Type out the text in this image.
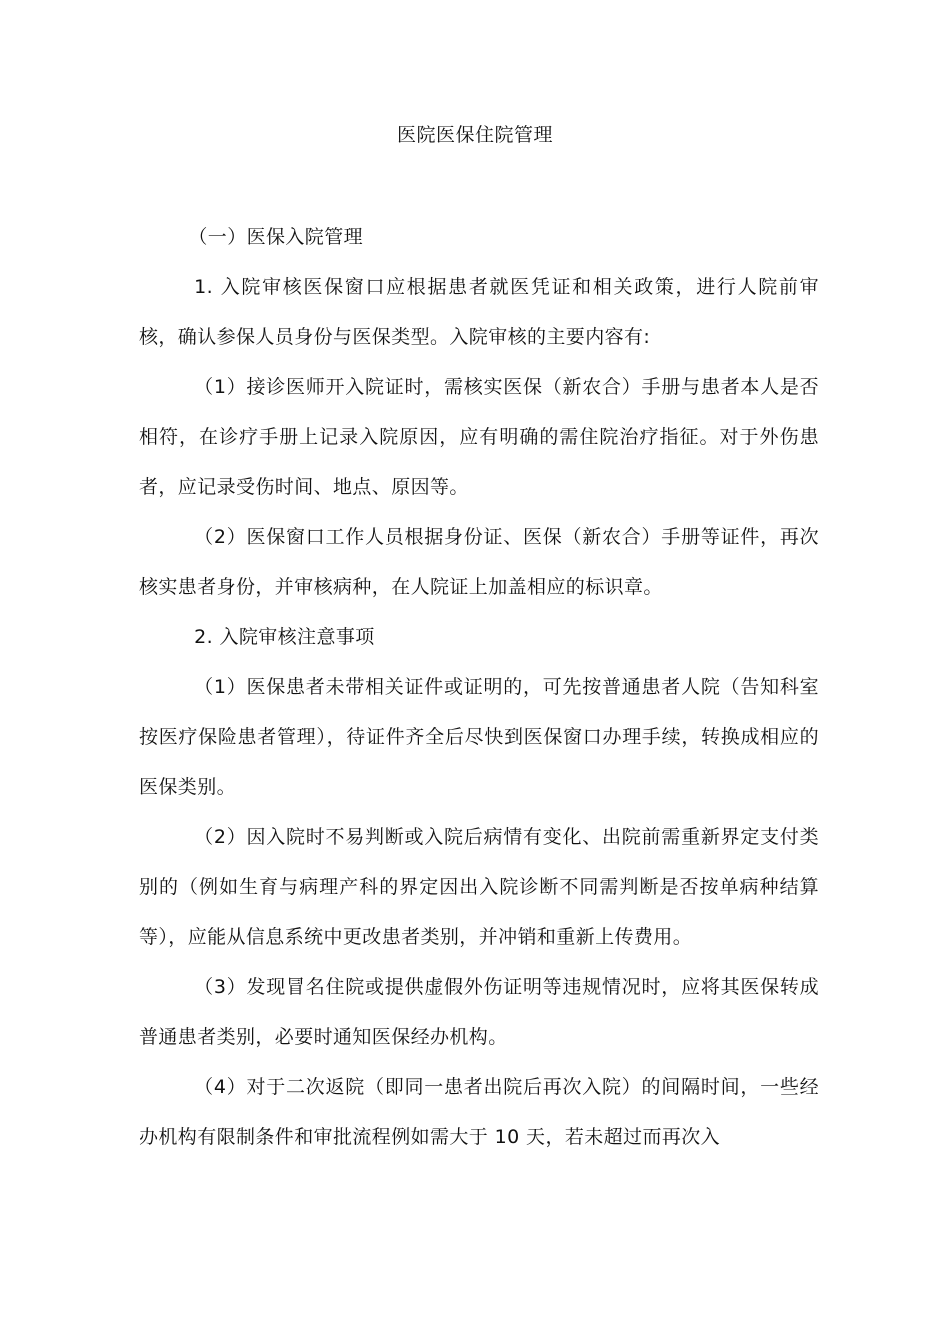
医院医保住院管理

（一）医保入院管理

1. 入院审核医保窗口应根据患者就医凭证和相关政策，进行人院前审核，确认参保人员身份与医保类型。入院审核的主要内容有:

（1）接诊医师开入院证时，需核实医保（新农合）手册与患者本人是否相符，在诊疗手册上记录入院原因，应有明确的需住院治疗指征。对于外伤患者，应记录受伤时间、地点、原因等。

（2）医保窗口工作人员根据身份证、医保（新农合）手册等证件，再次核实患者身份，并审核病种，在人院证上加盖相应的标识章。

2. 入院审核注意事项

（1）医保患者未带相关证件或证明的，可先按普通患者人院（告知科室按医疗保险患者管理），待证件齐全后尽快到医保窗口办理手续，转换成相应的医保类别。

（2）因入院时不易判断或入院后病情有变化、出院前需重新界定支付类别的（例如生育与病理产科的界定因出入院诊断不同需判断是否按单病种结算等），应能从信息系统中更改患者类别，并冲销和重新上传费用。

（3）发现冒名住院或提供虚假外伤证明等违规情况时，应将其医保转成普通患者类别，必要时通知医保经办机构。

（4）对于二次返院（即同一患者出院后再次入院）的间隔时间，一些经办机构有限制条件和审批流程例如需大于 10 天，若未超过而再次入
